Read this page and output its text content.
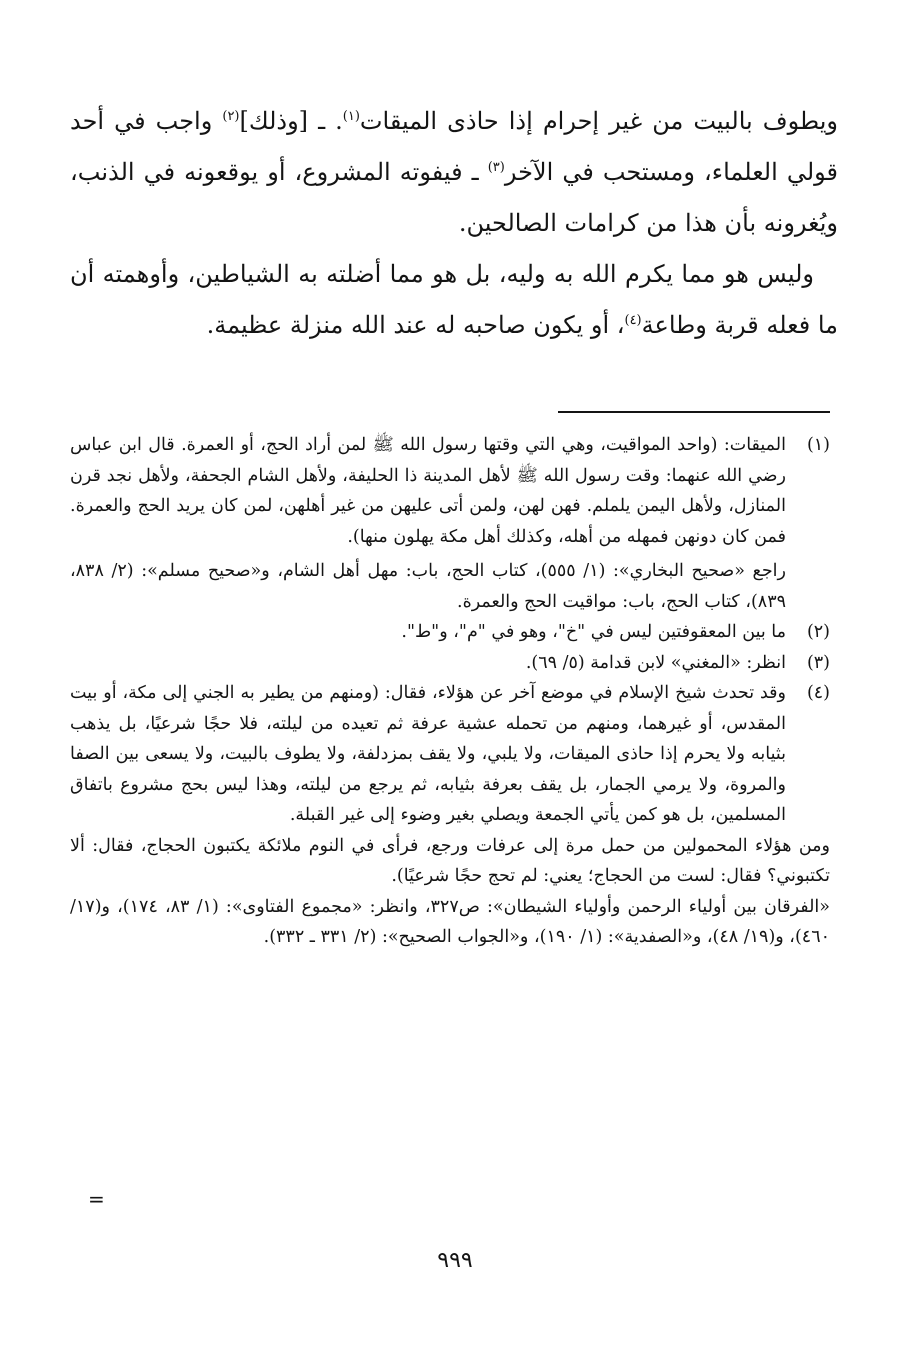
ويطوف بالبيت من غير إحرام إذا حاذى الميقات$^{(١)}$. ـ [وذلك]$^{(٢)}$ واجب في أحد قولي العلماء، ومستحب في الآخر$^{(٣)}$ ـ فيفوته المشروع، أو يوقعونه في الذنب، ويُغرونه بأن هذا من كرامات الصالحين.

 وليس هو مما يكرم الله به وليه، بل هو مما أضلته به الشياطين، وأوهمته أن ما فعله قربة وطاعة$^{(٤)}$، أو يكون صاحبه له عند الله منزلة عظيمة.

(١)

الميقات: (واحد المواقيت، وهي التي وقتها رسول الله ﷺ لمن أراد الحج، أو العمرة. قال ابن عباس رضي الله عنهما: وقت رسول الله ﷺ لأهل المدينة ذا الحليفة، ولأهل الشام الجحفة، ولأهل نجد قرن المنازل، ولأهل اليمن يلملم. فهن لهن، ولمن أتى عليهن من غير أهلهن، لمن كان يريد الحج والعمرة. فمن كان دونهن فمهله من أهله، وكذلك أهل مكة يهلون منها).

راجع «صحيح البخاري»: (١/ ٥٥٥)، كتاب الحج، باب: مهل أهل الشام، و«صحيح مسلم»: (٢/ ٨٣٨، ٨٣٩)، كتاب الحج، باب: مواقيت الحج والعمرة.

(٢)

ما بين المعقوفتين ليس في "خ"، وهو في "م"، و"ط".

(٣)

انظر: «المغني» لابن قدامة (٥/ ٦٩).

(٤)

وقد تحدث شيخ الإسلام في موضع آخر عن هؤلاء، فقال: (ومنهم من يطير به الجني إلى مكة، أو بيت المقدس، أو غيرهما، ومنهم من تحمله عشية عرفة ثم تعيده من ليلته، فلا حجًا شرعيًا، بل يذهب بثيابه ولا يحرم إذا حاذى الميقات، ولا يلبي، ولا يقف بمزدلفة، ولا يطوف بالبيت، ولا يسعى بين الصفا والمروة، ولا يرمي الجمار، بل يقف بعرفة بثيابه، ثم يرجع من ليلته، وهذا ليس بحج مشروع باتفاق المسلمين، بل هو كمن يأتي الجمعة ويصلي بغير وضوء إلى غير القبلة.

ومن هؤلاء المحمولين من حمل مرة إلى عرفات ورجع، فرأى في النوم ملائكة يكتبون الحجاج، فقال: ألا تكتبوني؟ فقال: لست من الحجاج؛ يعني: لم تحج حجًا شرعيًا).

«الفرقان بين أولياء الرحمن وأولياء الشيطان»: ص٣٢٧، وانظر: «مجموع الفتاوى»: (١/ ٨٣، ١٧٤)، و(١٧/ ٤٦٠)، و(١٩/ ٤٨)، و«الصفدية»: (١/ ١٩٠)، و«الجواب الصحيح»: (٢/ ٣٣١ ـ ٣٣٢).

=
٩٩٩
